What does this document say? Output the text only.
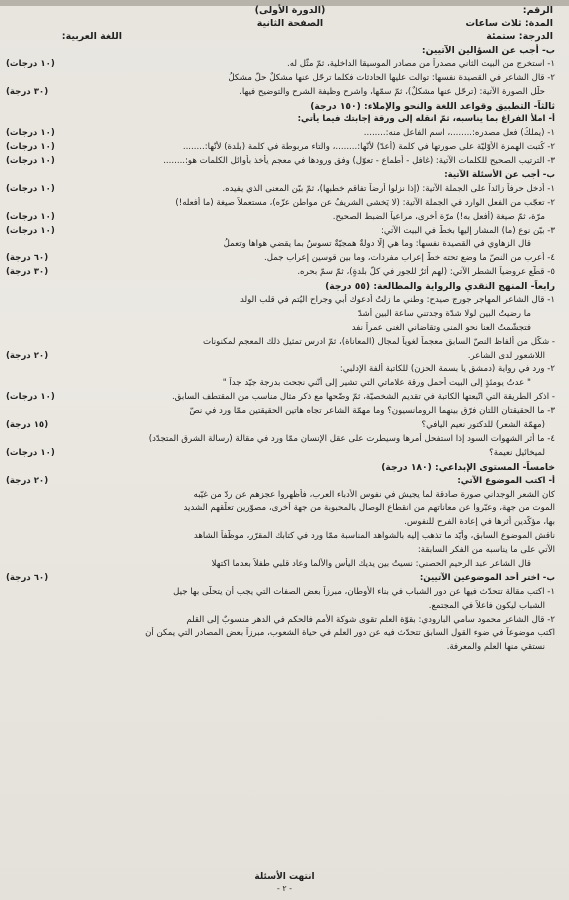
الرقم:
المدة: ثلاث ساعات
الدرجة: ستمئة
(الدورة الأولى)
الصفحة الثانية
اللغة العربية:
ب- أجب عن السؤالين الآتيين:
١- استخرج من البيت الثاني مصدراً من مصادر الموسيقا الداخلية، ثمّ مثّل له.
(١٠ درجات)
٢- قال الشاعر في القصيدة نفسها: توالت عليها الحادثات فكلما ترحّل عنها مشكلٌ حلّ مشكلُ
حلّل الصورة الآتية: (ترحّل عنها مشكلٌ)، ثمّ سمّها، واشرح وظيفة الشرح والتوضيح فيها.
(٣٠ درجة)
ثالثاً- التطبيق وقواعد اللغة والنحو والإملاء: (١٥٠ درجة)
أ- املأ الفراغ بما يناسبه، ثمّ انقله إلى ورقة إجابتك فيما يأتي:
١- (يملكُ) فعل مصدره:........، اسم الفاعل منه:........
(١٠ درجات)
٢- كُتبت الهمزة الأوّليّة على صورتها في كلمة (أعدّ) لأنّها:........، والتاء مربوطة في كلمة (بلدة) لأنّها:........
(١٠ درجات)
٣- الترتيب الصحيح للكلمات الآتية: (غافل - أطماع - تعوّل) وفق ورودها في معجم يأخذ بأوائل الكلمات هو:........
(١٠ درجات)
ب- أجب عن الأسئلة الآتية:
١- أدخل حرفاً زائداً على الجملة الآتية: (إذا نزلوا أرضاً تفاقم خطبها)، ثمّ بيّن المعنى الذي يفيده.
(١٠ درجات)
٢- تعجّب من الفعل الوارد في الجملة الآتية: (لا يَخشى الشريفُ عن مواطن عزّه)، مستعملاً صيغة (ما أفعله!)
مرّة، ثمّ صيغة (أفعل به!) مرّة أخرى، مراعياً الضبط الصحيح.
(١٠ درجات)
٣- بيّن نوع (ما) المشار إليها بخطّ في البيت الآتي:
(١٠ درجات)
قال الزهاوي في القصيدة نفسها: وما هي إلّا دولةٌ همجيّةٌ تسوسُ بما يقضي هواها وتعملُ
٤- أعرب من النصّ ما وضع تحته خطّ إعراب مفردات، وما بين قوسين إعراب جمل.
(٦٠ درجة)
٥- قطّع عروضياً الشطر الآتي: (لهم أثرٌ للجور في كلّ بلدةٍ)، ثمّ سمّ بحره.
(٣٠ درجة)
رابعاً- المنهج النقدي والرواية والمطالعة: (٥٥ درجة)
١- قال الشاعر المهاجر جورج صيدح: وطني ما زلتُ أدعوك أبي وجراح اليُتم في قلب الولد
ما رضيتُ البين لولا شدّة وجدتني ساعة البين أشدّ
فتجشّمتُ العنا نحو المنى وتقاضاني الغنى عمراً نفد
- شكّل من ألفاظ النصّ السابق معجماً لغوياً لمجال (المعاناة)، ثمّ ادرس تمثيل ذلك المعجم لمكنونات
اللاشعور لدى الشاعر.
(٢٠ درجة)
٢- ورد في رواية (دمشق يا بسمة الحزن) للكاتبة ألفة الإدلبي:
" عدتُ يومئذٍ إلى البيت أحمل ورقة علاماتي التي تشير إلى أنّني نجحت بدرجة جيّد جداً "
- اذكر الطريقة التي اتّبعتها الكاتبة في تقديم الشخصيّة، ثمّ وضّحها مع ذكر مثال مناسب من المقتطف السابق.
(١٠ درجات)
٣- ما الحقيقتان اللتان فرّق بينهما الرومانسيون؟ وما مهمّة الشاعر تجاه هاتين الحقيقتين ممّا ورد في نصّ
(مهمّة الشعر) للدكتور نعيم اليافي؟
(١٥ درجة)
٤- ما أثر الشهوات السود إذا استفحل أمرها وسيطرت على عقل الإنسان ممّا ورد في مقالة (رسالة الشرق المتجدّد)
لميخائيل نعيمة؟
(١٠ درجات)
خامساً- المستوى الإبداعي: (١٨٠ درجة)
أ- اكتب الموضوع الآتي:
(٢٠ درجة)
كان الشعر الوجداني صورة صادقة لما يجيش في نفوس الأدباء العرب، فأظهروا عجزهم عن ردّ من غيّبه
الموت من جهة، وعبّروا عن معاناتهم من انقطاع الوصال بالمحبوبة من جهة أخرى، مصوّرين تعلّقهم الشديد
بها، مؤكّدين أثرها في إعادة الفرح للنفوس.
ناقش الموضوع السابق، وأيّد ما تذهب إليه بالشواهد المناسبة ممّا ورد في كتابك المقرّر، موظّفاً الشاهد
الآتي على ما يناسبه من الفكر السابقة:
قال الشاعر عبد الرحيم الحصني: نسيتُ بين يديك اليأس والألما وعاد قلبي طفلاً بعدما اكتهلا
ب- اختر أحد الموضوعين الآتيين:
(٦٠ درجة)
١- اكتب مقالة تتحدّث فيها عن دور الشباب في بناء الأوطان، مبرزاً بعض الصفات التي يجب أن يتحلّى بها جيل
الشباب ليكون فاعلاً في المجتمع.
٢- قال الشاعر محمود سامي البارودي: بقوّة العلم تقوى شوكة الأمم فالحكم في الدهر منسوبٌ إلى القلم
اكتب موضوعاً في ضوء القول السابق تتحدّث فيه عن دور العلم في حياة الشعوب، مبرزاً بعض المصادر التي يمكن أن
نستقي منها العلم والمعرفة.
انتهت الأسئلة
- ٢ -
